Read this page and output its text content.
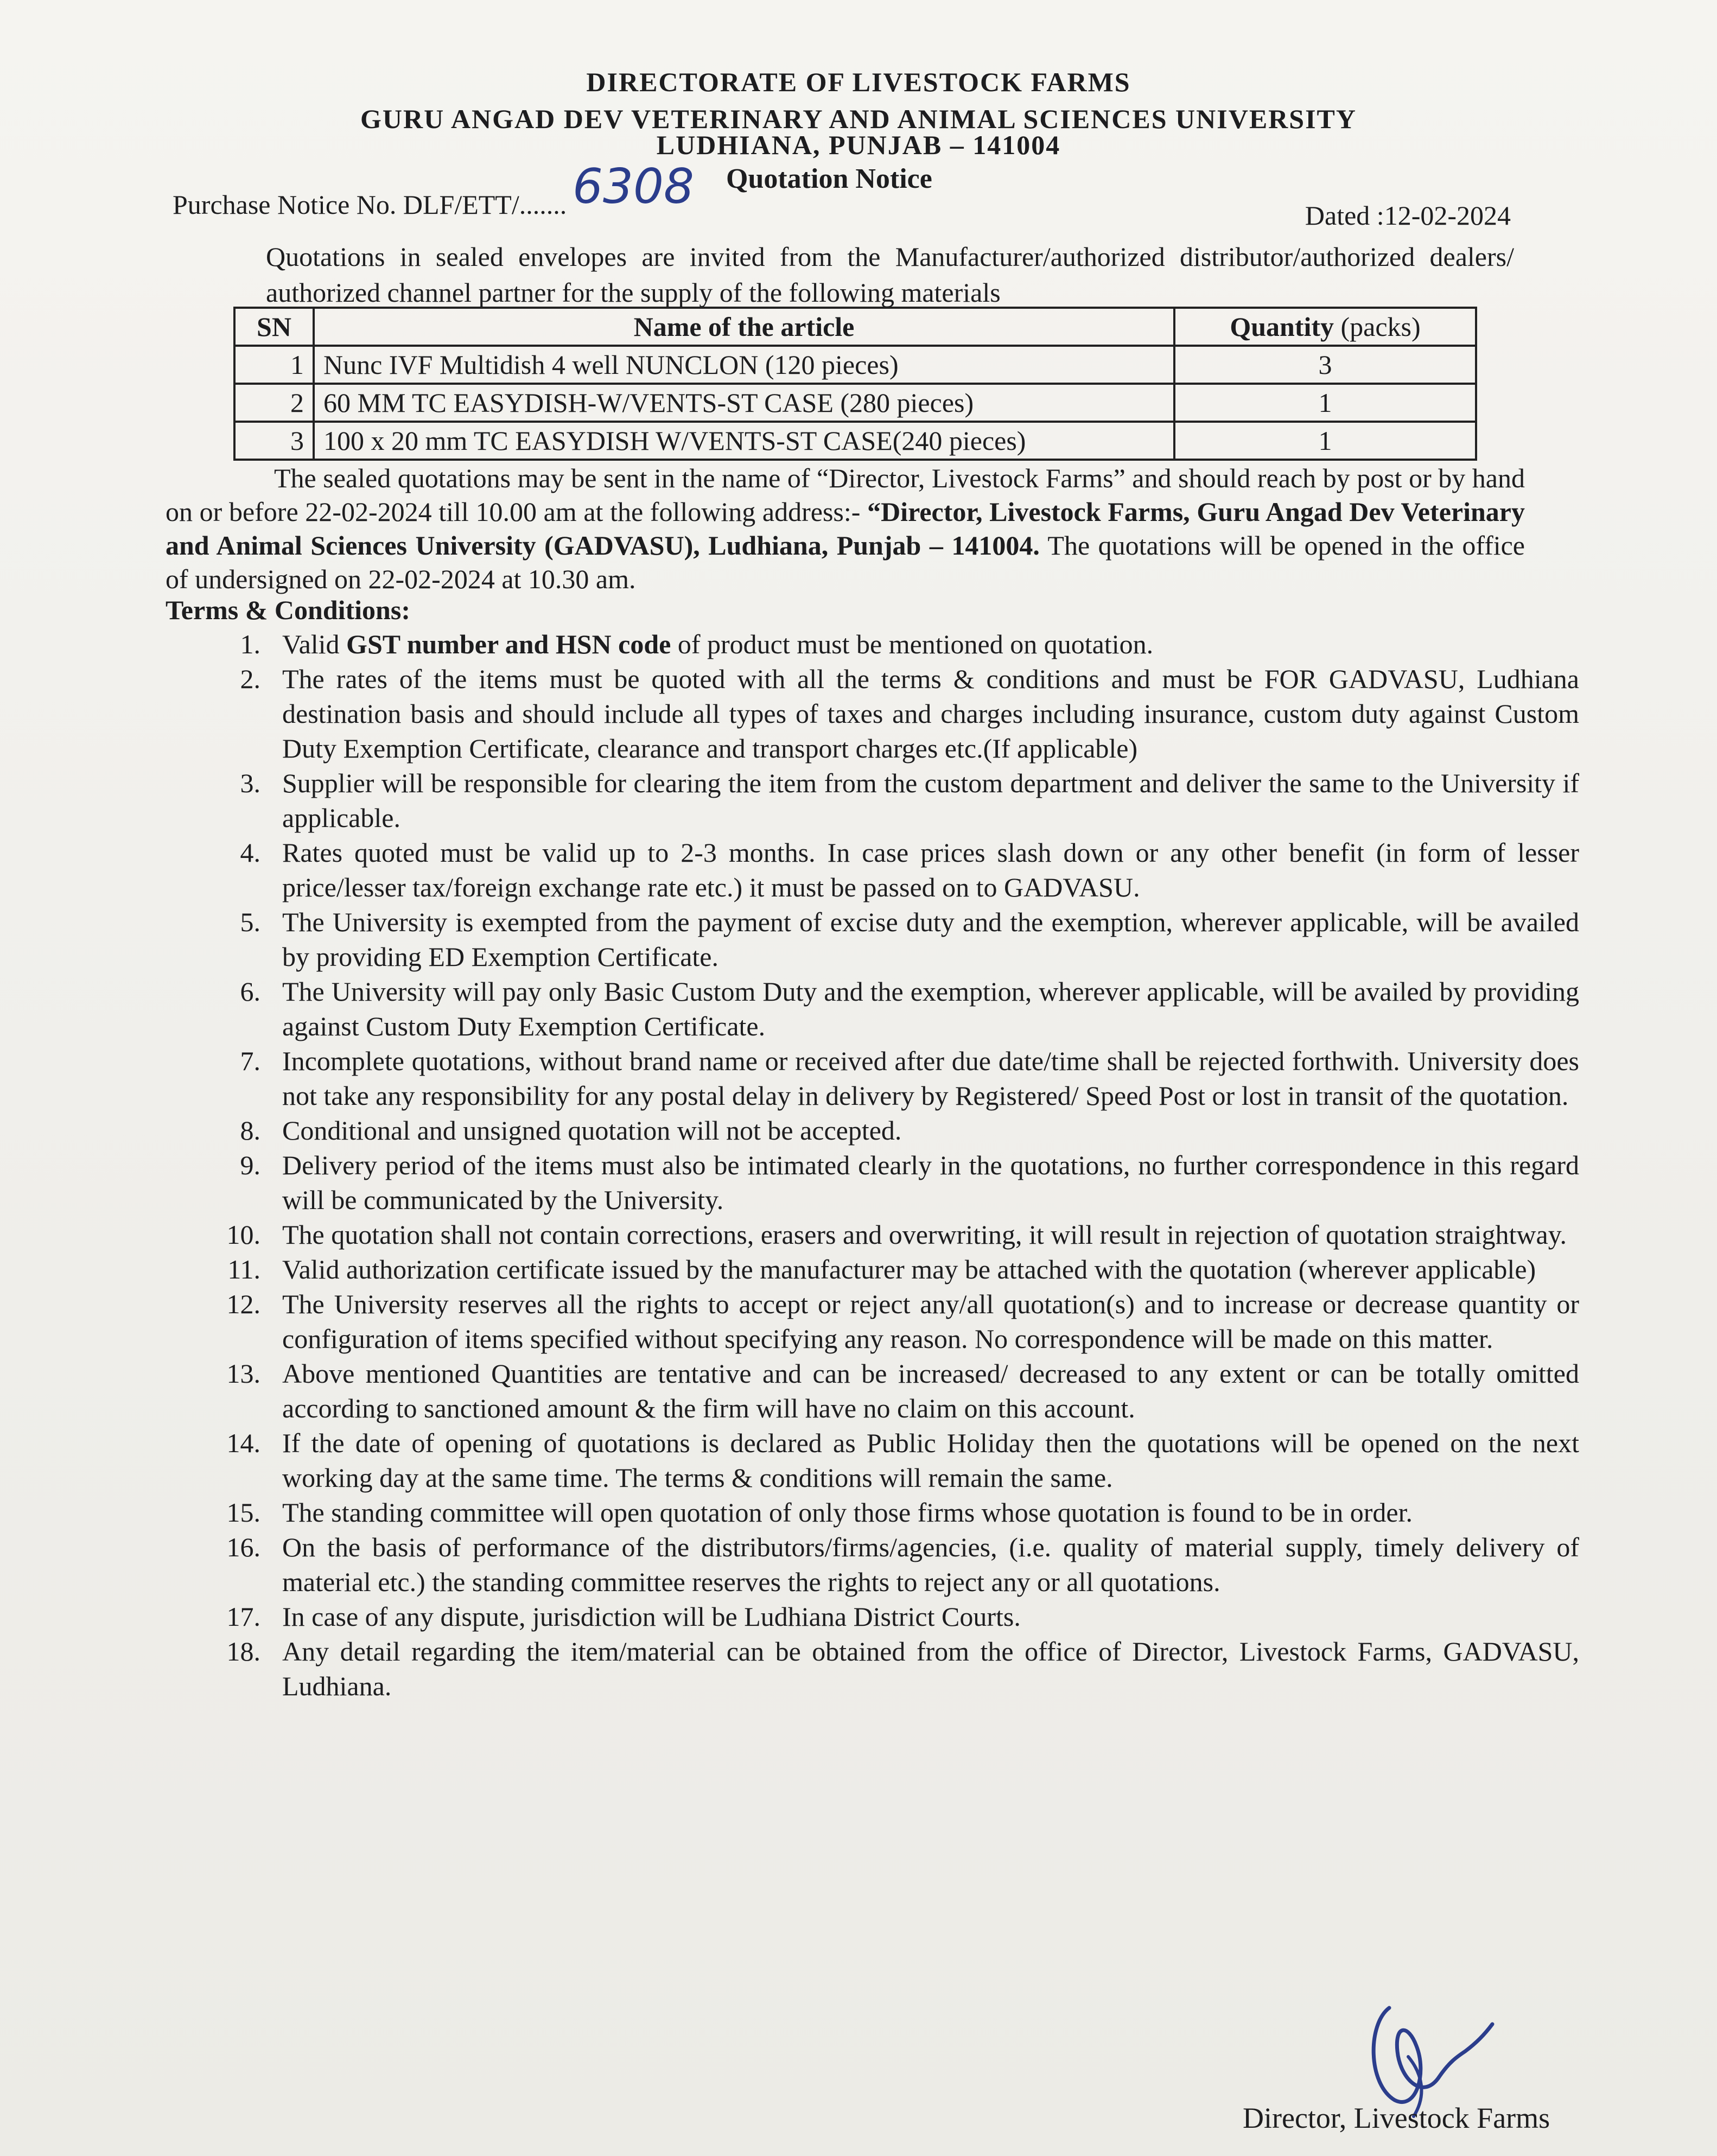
DIRECTORATE OF LIVESTOCK FARMS
GURU ANGAD DEV VETERINARY AND ANIMAL SCIENCES UNIVERSITY
LUDHIANA, PUNJAB – 141004
6308 Quotation Notice
Purchase Notice No. DLF/ETT/.......	Dated :12-02-2024
Quotations in sealed envelopes are invited from the Manufacturer/authorized distributor/authorized dealers/ authorized channel partner for the supply of the following materials
SN	Name of the article	Quantity (packs)
1	Nunc IVF Multidish 4 well NUNCLON (120 pieces)	3
2	60 MM TC EASYDISH-W/VENTS-ST CASE (280 pieces)	1
3	100 x 20 mm TC EASYDISH W/VENTS-ST CASE(240 pieces)	1
The sealed quotations may be sent in the name of “Director, Livestock Farms” and should reach by post or by hand on or before 22-02-2024 till 10.00 am at the following address:- “Director, Livestock Farms, Guru Angad Dev Veterinary and Animal Sciences University (GADVASU), Ludhiana, Punjab – 141004. The quotations will be opened in the office of undersigned on 22-02-2024 at 10.30 am.
Terms & Conditions:
1. Valid GST number and HSN code of product must be mentioned on quotation.
2. The rates of the items must be quoted with all the terms & conditions and must be FOR GADVASU, Ludhiana destination basis and should include all types of taxes and charges including insurance, custom duty against Custom Duty Exemption Certificate, clearance and transport charges etc.(If applicable)
3. Supplier will be responsible for clearing the item from the custom department and deliver the same to the University if applicable.
4. Rates quoted must be valid up to 2-3 months. In case prices slash down or any other benefit (in form of lesser price/lesser tax/foreign exchange rate etc.) it must be passed on to GADVASU.
5. The University is exempted from the payment of excise duty and the exemption, wherever applicable, will be availed by providing ED Exemption Certificate.
6. The University will pay only Basic Custom Duty and the exemption, wherever applicable, will be availed by providing against Custom Duty Exemption Certificate.
7. Incomplete quotations, without brand name or received after due date/time shall be rejected forthwith. University does not take any responsibility for any postal delay in delivery by Registered/ Speed Post or lost in transit of the quotation.
8. Conditional and unsigned quotation will not be accepted.
9. Delivery period of the items must also be intimated clearly in the quotations, no further correspondence in this regard will be communicated by the University.
10. The quotation shall not contain corrections, erasers and overwriting, it will result in rejection of quotation straightway.
11. Valid authorization certificate issued by the manufacturer may be attached with the quotation (wherever applicable)
12. The University reserves all the rights to accept or reject any/all quotation(s) and to increase or decrease quantity or configuration of items specified without specifying any reason. No correspondence will be made on this matter.
13. Above mentioned Quantities are tentative and can be increased/ decreased to any extent or can be totally omitted according to sanctioned amount & the firm will have no claim on this account.
14. If the date of opening of quotations is declared as Public Holiday then the quotations will be opened on the next working day at the same time. The terms & conditions will remain the same.
15. The standing committee will open quotation of only those firms whose quotation is found to be in order.
16. On the basis of performance of the distributors/firms/agencies, (i.e. quality of material supply, timely delivery of material etc.) the standing committee reserves the rights to reject any or all quotations.
17. In case of any dispute, jurisdiction will be Ludhiana District Courts.
18. Any detail regarding the item/material can be obtained from the office of Director, Livestock Farms, GADVASU, Ludhiana.
Director, Livestock Farms
